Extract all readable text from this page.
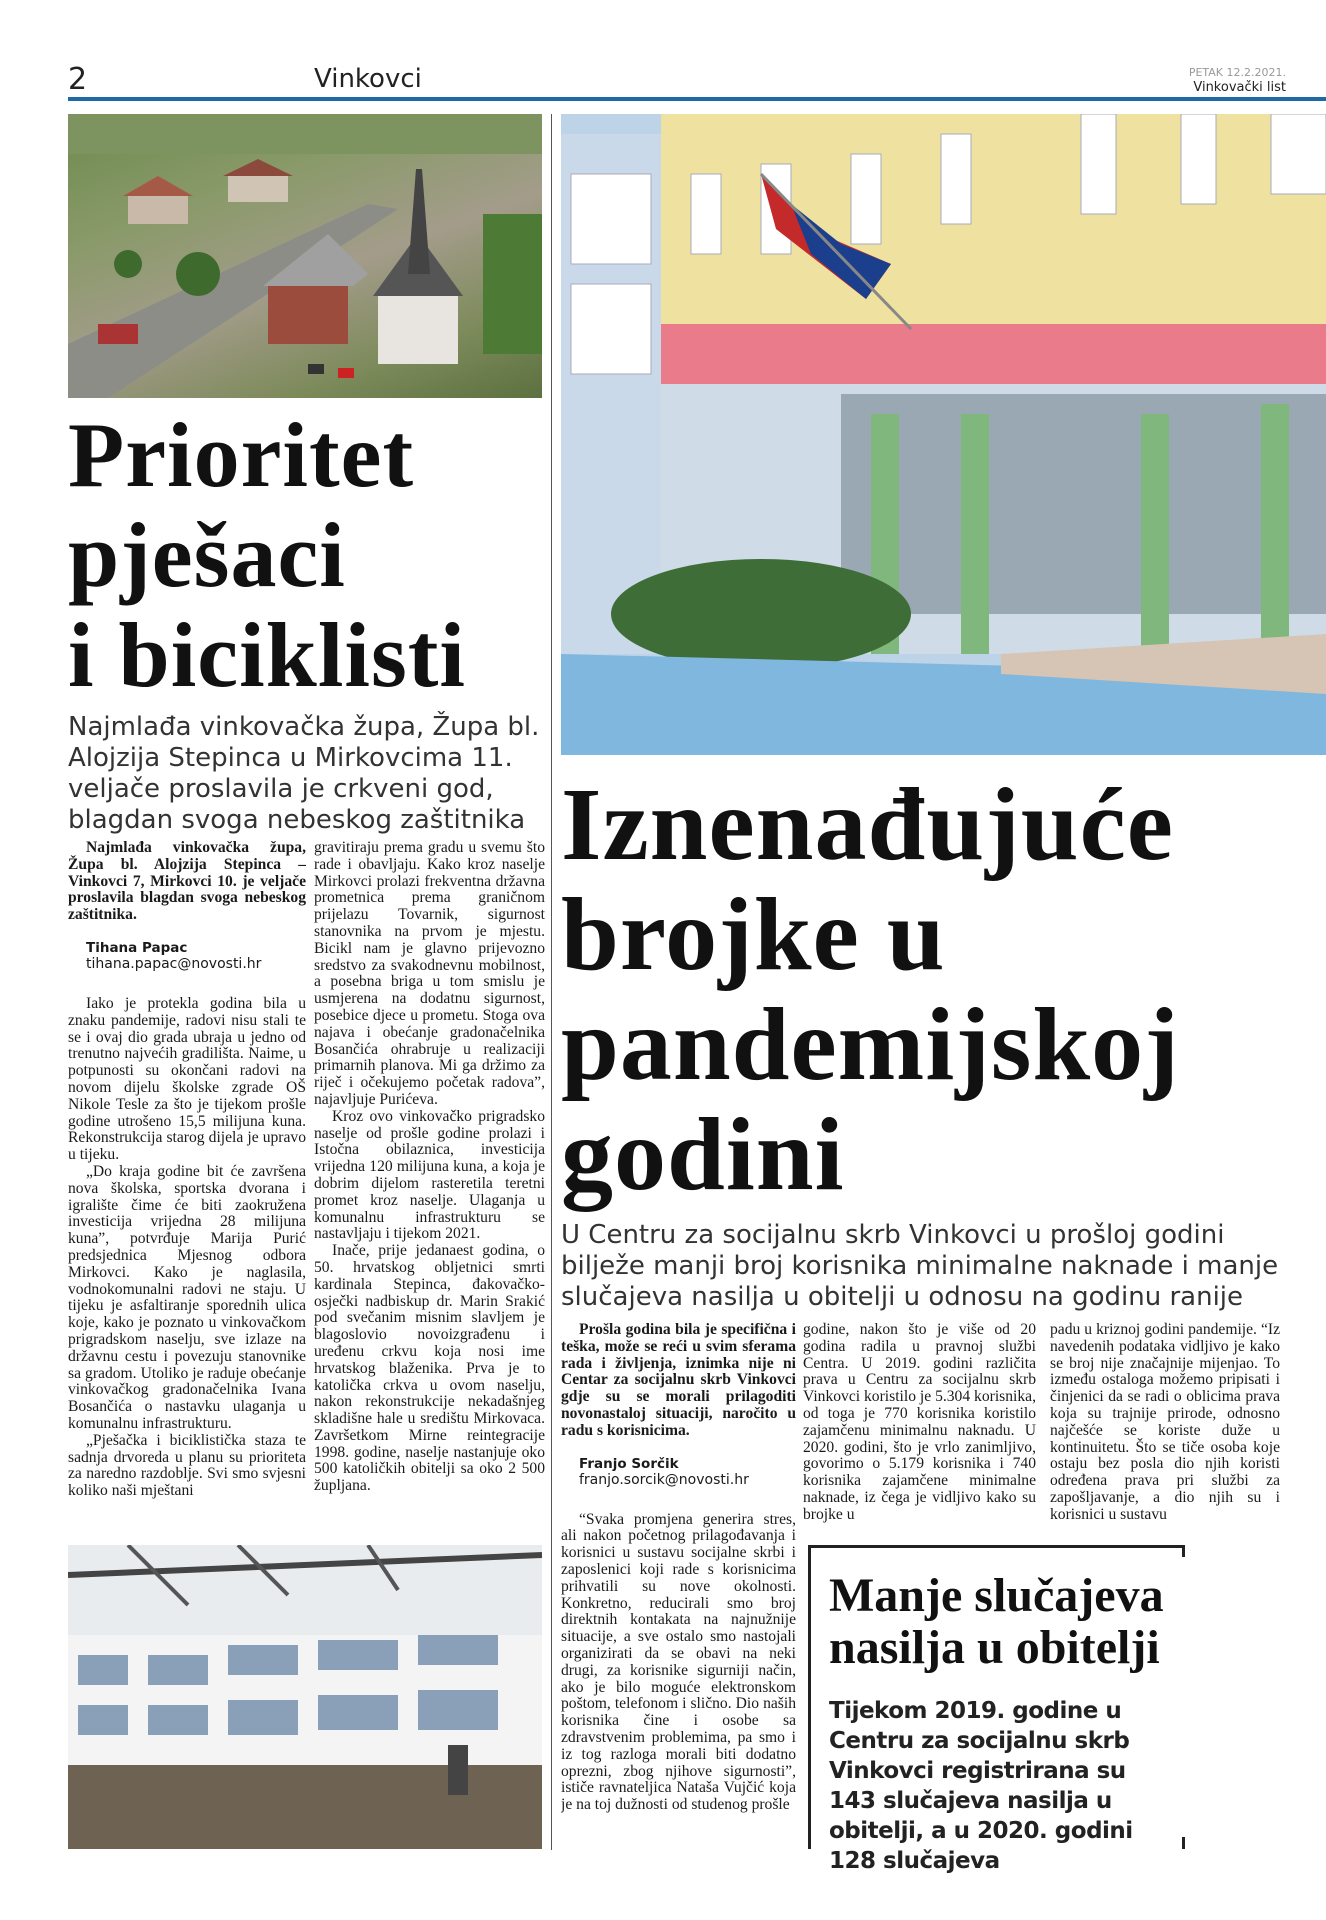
2	Vinkovci	PETAK 12.2.2021.
Vinkovački list
Prioritet
pješaci
i biciklisti
Najmlađa vinkovačka župa, Župa bl. Alojzija Stepinca u Mirkovcima 11. veljače proslavila je crkveni god, blagdan svoga nebeskog zaštitnika

Najmlađa vinkovačka župa, Župa bl. Alojzija Stepinca – Vinkovci 7, Mirkovci 10. je veljače proslavila blagdan svoga nebeskog zaštitnika.

Tihana Papac

tihana.papac@novosti.hr

Iako je protekla godina bila u znaku pandemije, radovi nisu stali te se i ovaj dio grada ubraja u jedno od trenutno najvećih gradilišta. Naime, u potpunosti su okončani radovi na novom dijelu školske zgrade OŠ Nikole Tesle za što je tijekom prošle godine utrošeno 15,5 milijuna kuna. Rekonstrukcija starog dijela je upravo u tijeku.

„Do kraja godine bit će završena nova školska, sportska dvorana i igralište čime će biti zaokružena investicija vrijedna 28 milijuna kuna”, potvrđuje Marija Purić predsjednica Mjesnog odbora Mirkovci. Kako je naglasila, vodnokomunalni radovi ne staju. U tijeku je asfaltiranje sporednih ulica koje, kako je poznato u vinkovačkom prigradskom naselju, sve izlaze na državnu cestu i povezuju stanovnike sa gradom. Utoliko je raduje obećanje vinkovačkog gradonačelnika Ivana Bosančića o nastavku ulaganja u komunalnu infrastrukturu.

„Pješačka i biciklistička staza te sadnja drvoreda u planu su prioriteta za naredno razdoblje. Svi smo svjesni koliko naši mještani

gravitiraju prema gradu u svemu što rade i obavljaju. Kako kroz naselje Mirkovci prolazi frekventna državna prometnica prema graničnom prijelazu Tovarnik, sigurnost stanovnika na prvom je mjestu. Bicikl nam je glavno prijevozno sredstvo za svakodnevnu mobilnost, a posebna briga u tom smislu je usmjerena na dodatnu sigurnost, posebice djece u prometu. Stoga ova najava i obećanje gradonačelnika Bosančića ohrabruje u realizaciji primarnih planova. Mi ga držimo za riječ i očekujemo početak radova”, najavljuje Purićeva.

Kroz ovo vinkovačko prigradsko naselje od prošle godine prolazi i Istočna obilaznica, investicija vrijedna 120 milijuna kuna, a koja je dobrim dijelom rasteretila teretni promet kroz naselje. Ulaganja u komunalnu infrastrukturu se nastavljaju i tijekom 2021.

Inače, prije jedanaest godina, o 50. hrvatskog obljetnici smrti kardinala Stepinca, đakovačko-osječki nadbiskup dr. Marin Srakić pod svečanim misnim slavljem je blagoslovio novoizgrađenu i uređenu crkvu koja nosi ime hrvatskog blaženika. Prva je to katolička crkva u ovom naselju, nakon rekonstrukcije nekadašnjeg skladišne hale u središtu Mirkovaca. Završetkom Mirne reintegracije 1998. godine, naselje nastanjuje oko 500 katoličkih obitelji sa oko 2 500 župljana.

Iznenađujuće
brojke u
pandemijskoj
godini
U Centru za socijalnu skrb Vinkovci u prošloj godini bilježe manji broj korisnika minimalne naknade i manje slučajeva nasilja u obitelji u odnosu na godinu ranije

Prošla godina bila je specifična i teška, može se reći u svim sferama rada i življenja, iznimka nije ni Centar za socijalnu skrb Vinkovci gdje su se morali prilagoditi novonastaloj situaciji, naročito u radu s korisnicima.

Franjo Sorčik

franjo.sorcik@novosti.hr

“Svaka promjena generira stres, ali nakon početnog prilagođavanja i korisnici u sustavu socijalne skrbi i zaposlenici koji rade s korisnicima prihvatili su nove okolnosti. Konkretno, reducirali smo broj direktnih kontakata na najnužnije situacije, a sve ostalo smo nastojali organizirati da se obavi na neki drugi, za korisnike sigurniji način, ako je bilo moguće elektronskom poštom, telefonom i slično. Dio naših korisnika čine i osobe sa zdravstvenim problemima, pa smo i iz tog razloga morali biti dodatno oprezni, zbog njihove sigurnosti”, ističe ravnateljica Nataša Vujčić koja je na toj dužnosti od studenog prošle

godine, nakon što je više od 20 godina radila u pravnoj službi Centra. U 2019. godini različita prava u Centru za socijalnu skrb Vinkovci koristilo je 5.304 korisnika, od toga je 770 korisnika koristilo zajamčenu minimalnu naknadu. U 2020. godini, što je vrlo zanimljivo, govorimo o 5.179 korisnika i 740 korisnika zajamčene minimalne naknade, iz čega je vidljivo kako su brojke u

padu u kriznoj godini pandemije. “Iz navedenih podataka vidljivo je kako se broj nije značajnije mijenjao. To između ostaloga možemo pripisati i činjenici da se radi o oblicima prava koja su trajnije prirode, odnosno najčešće se koriste duže u kontinuitetu. Što se tiče osoba koje ostaju bez posla dio njih koristi određena prava pri službi za zapošljavanje, a dio njih su i korisnici u sustavu

Manje slučajeva nasilja u obitelji
Tijekom 2019. godine u Centru za socijalnu skrb Vinkovci registrirana su 143 slučajeva nasilja u obitelji, a u 2020. godini 128 slučajeva
